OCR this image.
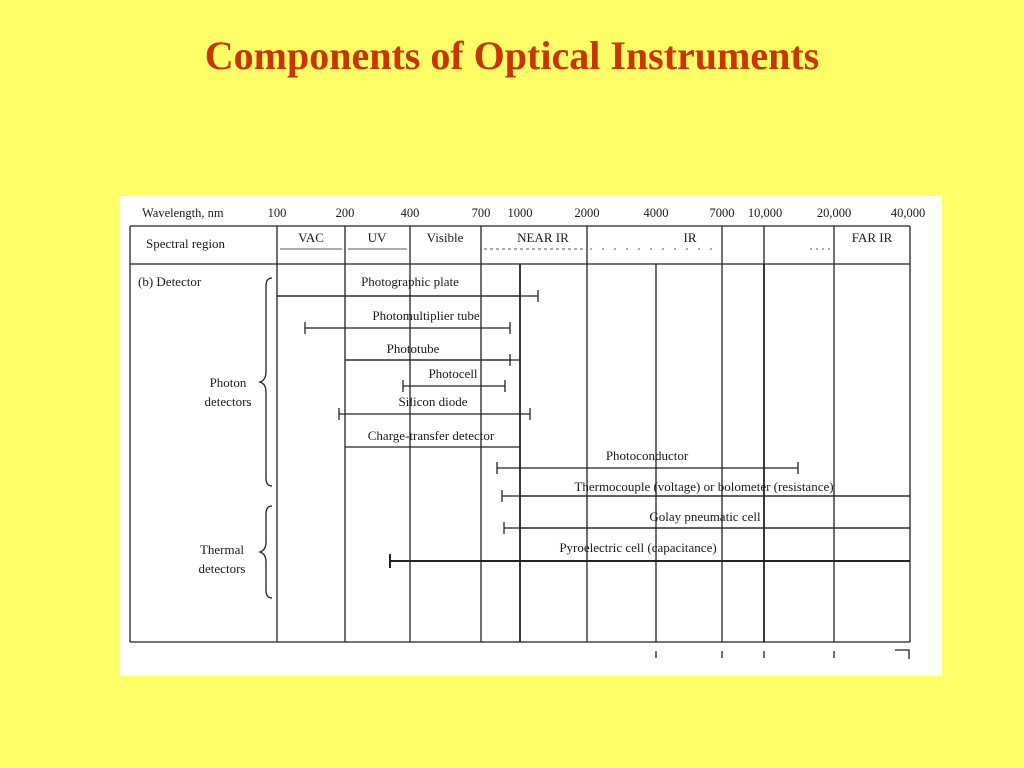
Components of Optical Instruments
Wavelength, nm	100	200	400	700 1000	2000	4000	7000 10,000	20,000	40,000
Spectral region	VAC	UV	Visible	NEAR IR	IR	FAR IR
(b) Detector
Photon
detectors
Thermal
detectors
Photographic plate
Photomultiplier tube
Phototube
Photocell
Silicon diode
Charge-transfer detector
Photoconductor
Thermocouple (voltage) or bolometer (resistance)
Golay pneumatic cell
Pyroelectric cell (capacitance)
